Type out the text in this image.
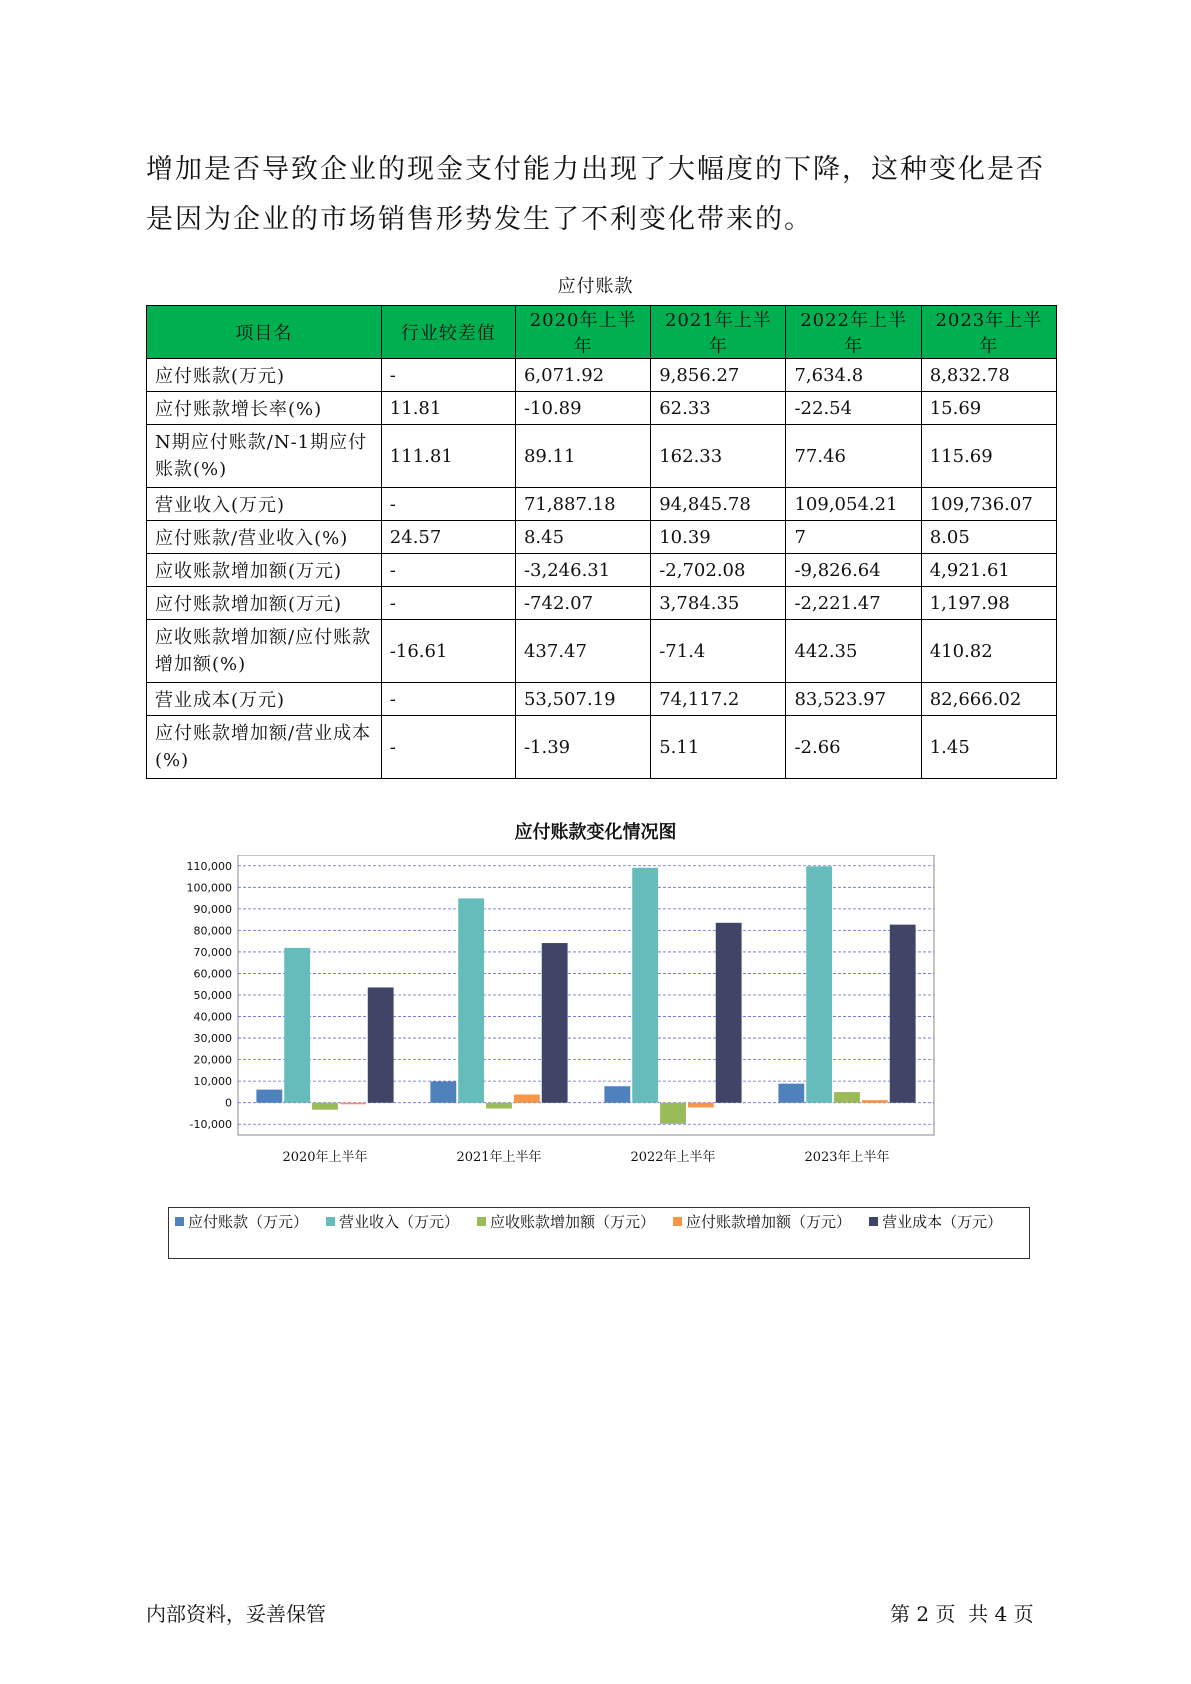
增加是否导致企业的现金支付能力出现了大幅度的下降，这种变化是否是因为企业的市场销售形势发生了不利变化带来的。

应付账款
项目名	行业较差值	2020年上半年	2021年上半年	2022年上半年	2023年上半年
应付账款(万元)	-	6,071.92	9,856.27	7,634.8	8,832.78
应付账款增长率(%)	11.81	-10.89	62.33	-22.54	15.69
N期应付账款/N-1期应付账款(%)	111.81	89.11	162.33	77.46	115.69
营业收入(万元)	-	71,887.18	94,845.78	109,054.21	109,736.07
应付账款/营业收入(%)	24.57	8.45	10.39	7	8.05
应收账款增加额(万元)	-	-3,246.31	-2,702.08	-9,826.64	4,921.61
应付账款增加额(万元)	-	-742.07	3,784.35	-2,221.47	1,197.98
应收账款增加额/应付账款增加额(%)	-16.61	437.47	-71.4	442.35	410.82
营业成本(万元)	-	53,507.19	74,117.2	83,523.97	82,666.02
应付账款增加额/营业成本(%)	-	-1.39	5.11	-2.66	1.45
应付账款变化情况图
-10,000
0
10,000
20,000
30,000
40,000
50,000
60,000
70,000
80,000
90,000
100,000
110,000
2020年上半年	2021年上半年	2022年上半年	2023年上半年
应付账款（万元） 营业收入（万元） 应收账款增加额（万元） 应付账款增加额（万元） 营业成本（万元）
内部资料，妥善保管	第 2 页  共 4 页
